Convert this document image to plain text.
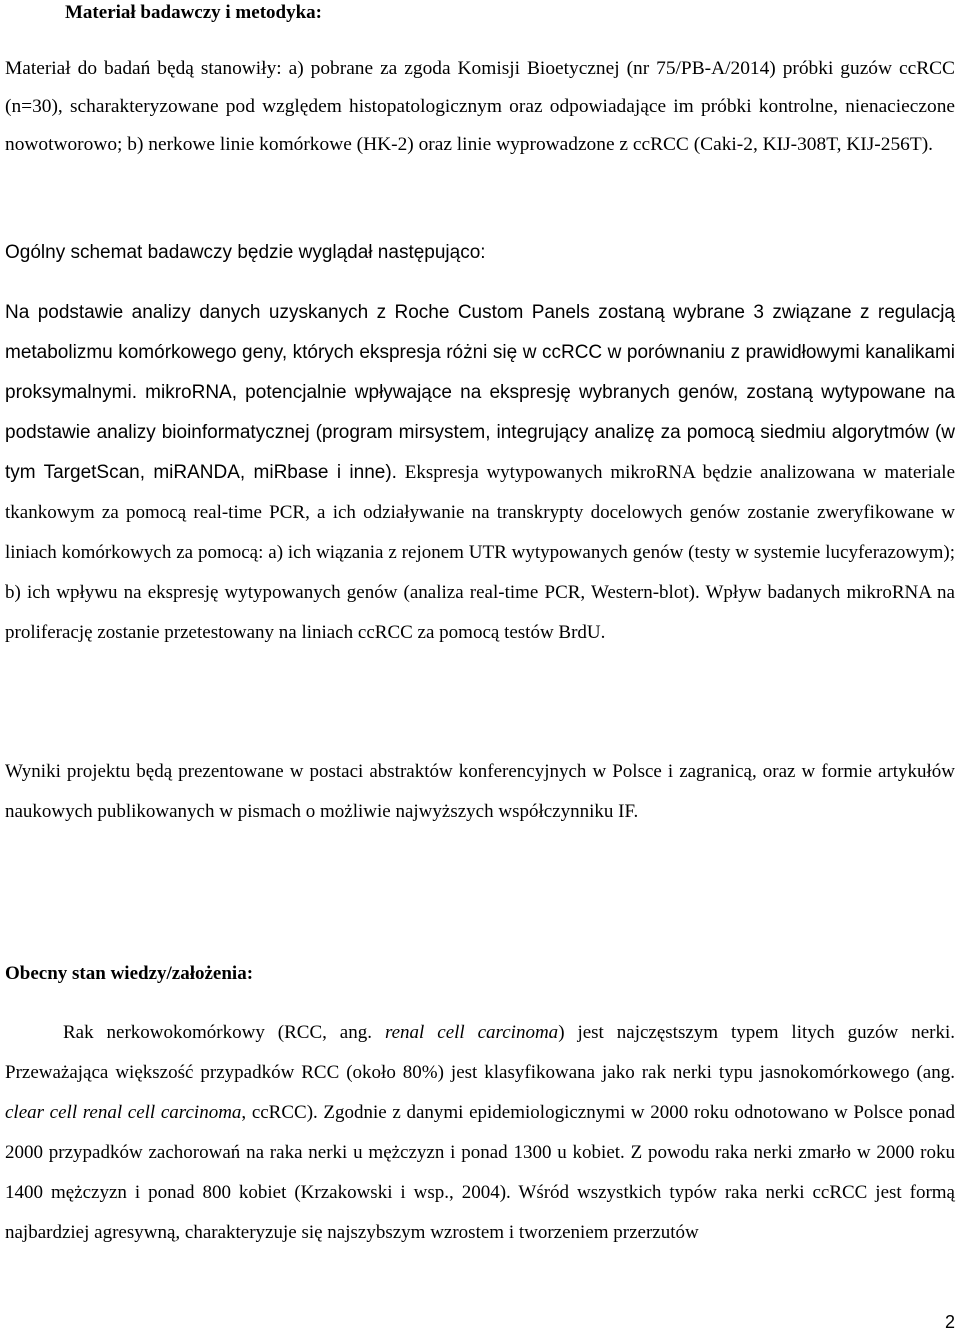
Materiał badawczy i metodyka:

Materiał do badań będą stanowiły: a) pobrane za zgoda Komisji Bioetycznej (nr 75/PB-A/2014) próbki guzów ccRCC (n=30), scharakteryzowane pod względem histopatologicznym oraz odpowiadające im próbki kontrolne, nienacieczone nowotworowo; b) nerkowe linie komórkowe (HK-2) oraz linie wyprowadzone z ccRCC (Caki-2, KIJ-308T, KIJ-256T).

Ogólny schemat badawczy będzie wyglądał następująco:

Na podstawie analizy danych uzyskanych z Roche Custom Panels zostaną wybrane 3 związane z regulacją metabolizmu komórkowego geny, których ekspresja różni się w ccRCC w porównaniu z prawidłowymi kanalikami proksymalnymi. mikroRNA, potencjalnie wpływające na ekspresję wybranych genów, zostaną wytypowane na podstawie analizy bioinformatycznej (program mirsystem, integrujący analizę za pomocą siedmiu algorytmów (w tym TargetScan, miRANDA, miRbase i inne). Ekspresja wytypowanych mikroRNA będzie analizowana w materiale tkankowym za pomocą real-time PCR, a ich odziaływanie na transkrypty docelowych genów zostanie zweryfikowane w liniach komórkowych za pomocą: a) ich wiązania z rejonem UTR wytypowanych genów (testy w systemie lucyferazowym); b) ich wpływu na ekspresję wytypowanych genów (analiza real-time PCR, Western-blot). Wpływ badanych mikroRNA na proliferację zostanie przetestowany na liniach ccRCC za pomocą testów BrdU.

Wyniki projektu będą prezentowane w postaci abstraktów konferencyjnych w Polsce i zagranicą, oraz w formie artykułów naukowych publikowanych w pismach o możliwie najwyższych współczynniku IF.

Obecny stan wiedzy/założenia:

Rak nerkowokomórkowy (RCC, ang. renal cell carcinoma) jest najczęstszym typem litych guzów nerki. Przeważająca większość przypadków RCC (około 80%) jest klasyfikowana jako rak nerki typu jasnokomórkowego (ang. clear cell renal cell carcinoma, ccRCC). Zgodnie z danymi epidemiologicznymi w 2000 roku odnotowano w Polsce ponad 2000 przypadków zachorowań na raka nerki u mężczyzn i ponad 1300 u kobiet. Z powodu raka nerki zmarło w 2000 roku 1400 mężczyzn i ponad 800 kobiet (Krzakowski i wsp., 2004). Wśród wszystkich typów raka nerki ccRCC jest formą najbardziej agresywną, charakteryzuje się najszybszym wzrostem i tworzeniem przerzutów

2
